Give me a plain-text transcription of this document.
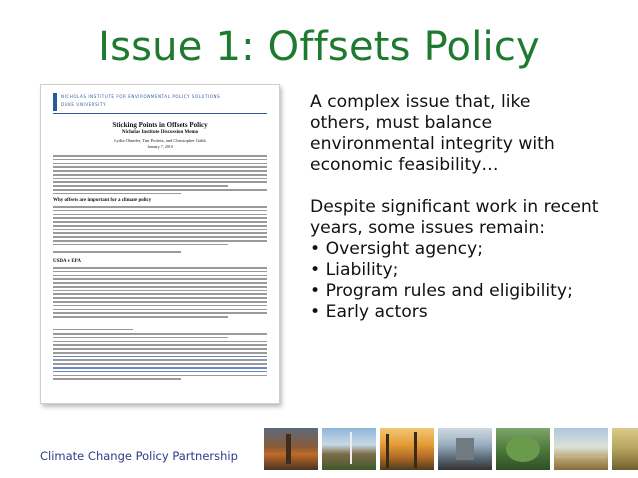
Issue 1: Offsets Policy
NICHOLAS INSTITUTE FOR ENVIRONMENTAL POLICY SOLUTIONS
DUKE UNIVERSITY
Sticking Points in Offsets Policy
Nicholas Institute Discussion Memo
Lydia Olander, Tim Profeta, and Christopher Galik
January 7, 2010
Why offsets are important for a climate policy
USDA v EPA

A complex issue that, like

others, must balance

environmental integrity with

economic feasibility…

Despite significant work in recent

years, some issues remain:

• Oversight agency;

• Liability;

• Program rules and eligibility;

• Early actors

Climate Change Policy Partnership
